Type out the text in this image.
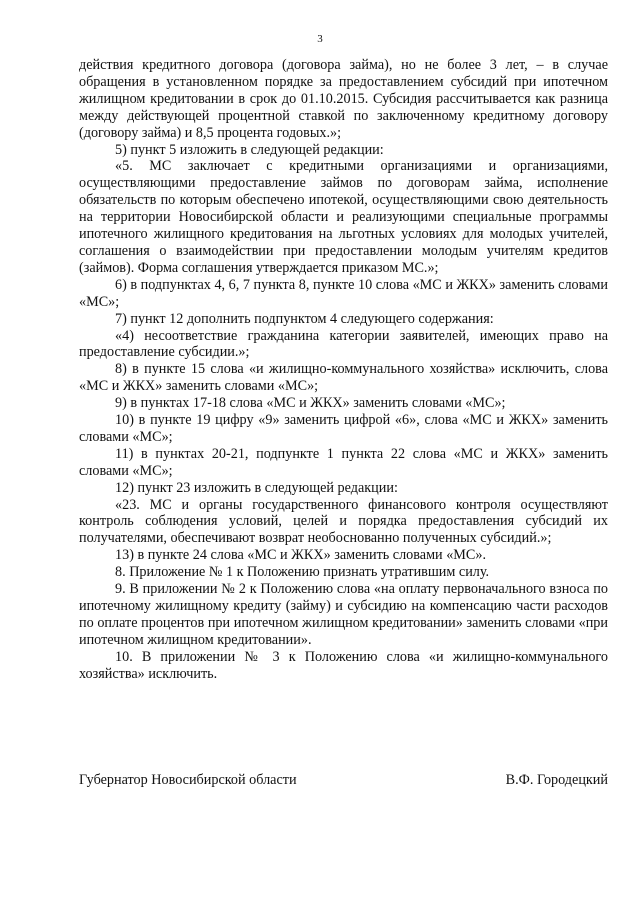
3

действия кредитного договора (договора займа), но не более 3 лет, – в случае обращения в установленном порядке за предоставлением субсидий при ипотечном жилищном кредитовании в срок до 01.10.2015. Субсидия рассчитывается как разница между действующей процентной ставкой по заключенному кредитному договору (договору займа) и 8,5 процента годовых.»;

5) пункт 5 изложить в следующей редакции:

«5. МС заключает с кредитными организациями и организациями, осуществляющими предоставление займов по договорам займа, исполнение обязательств по которым обеспечено ипотекой, осуществляющими свою деятельность на территории Новосибирской области и реализующими специальные программы ипотечного жилищного кредитования на льготных условиях для молодых учителей, соглашения о взаимодействии при предоставлении молодым учителям кредитов (займов). Форма соглашения утверждается приказом МС.»;

6) в подпунктах 4, 6, 7 пункта 8, пункте 10 слова «МС и ЖКХ» заменить словами «МС»;

7) пункт 12 дополнить подпунктом 4 следующего содержания:

«4) несоответствие гражданина категории заявителей, имеющих право на предоставление субсидии.»;

8) в пункте 15 слова «и жилищно-коммунального хозяйства» исключить, слова «МС и ЖКХ» заменить словами «МС»;

9) в пунктах 17-18 слова «МС и ЖКХ» заменить словами «МС»;

10) в пункте 19 цифру «9» заменить цифрой «6», слова «МС и ЖКХ» заменить словами «МС»;

11) в пунктах 20-21, подпункте 1 пункта 22 слова «МС и ЖКХ» заменить словами «МС»;

12) пункт 23 изложить в следующей редакции:

«23. МС и органы государственного финансового контроля осуществляют контроль соблюдения условий, целей и порядка предоставления субсидий их получателями, обеспечивают возврат необоснованно полученных субсидий.»;

13) в пункте 24 слова «МС и ЖКХ» заменить словами «МС».

8. Приложение № 1 к Положению признать утратившим силу.

9. В приложении № 2 к Положению слова «на оплату первоначального взноса по ипотечному жилищному кредиту (займу) и субсидию на компенсацию части расходов по оплате процентов при ипотечном жилищном кредитовании» заменить словами «при ипотечном жилищном кредитовании».

10. В приложении № 3 к Положению слова «и жилищно-коммунального хозяйства» исключить.

Губернатор Новосибирской области	В.Ф. Городецкий
